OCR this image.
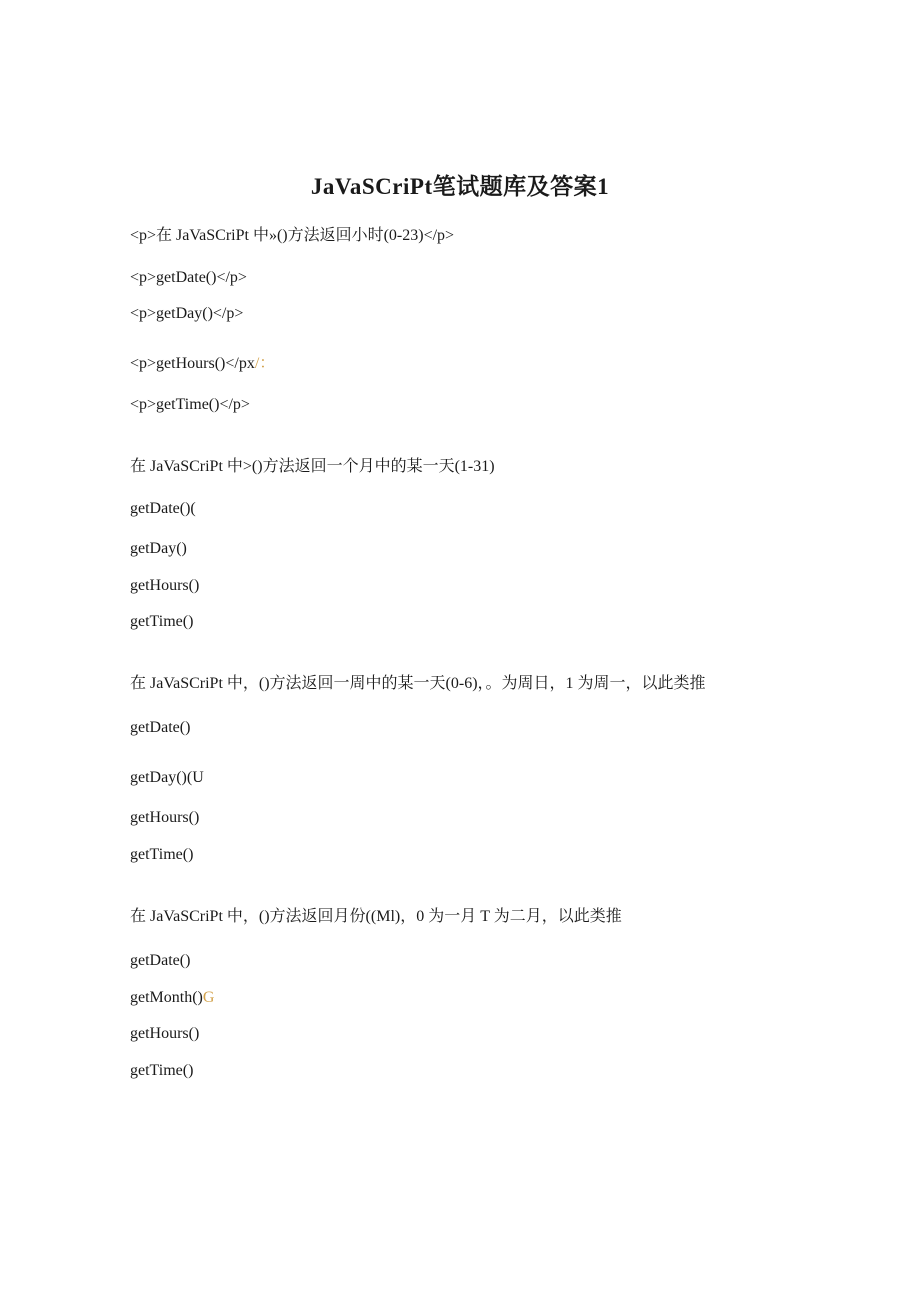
JaVaSCriPt笔试题库及答案1
<p>在 JaVaSCriPt 中»()方法返回小时(0-23)</p>
<p>getDate()</p>
<p>getDay()</p>
<p>getHours()</px/：
<p>getTime()</p>
在 JaVaSCriPt 中>()方法返回一个月中的某一天(1-31)
getDate()(
getDay()
getHours()
getTime()
在 JaVaSCriPt 中，()方法返回一周中的某一天(0-6)，。为周日，1 为周一，以此类推
getDate()
getDay()(U
getHours()
getTime()
在 JaVaSCriPt 中，()方法返回月份((Ml)，0 为一月 T 为二月，以此类推
getDate()
getMonth()G
getHours()
getTime()
